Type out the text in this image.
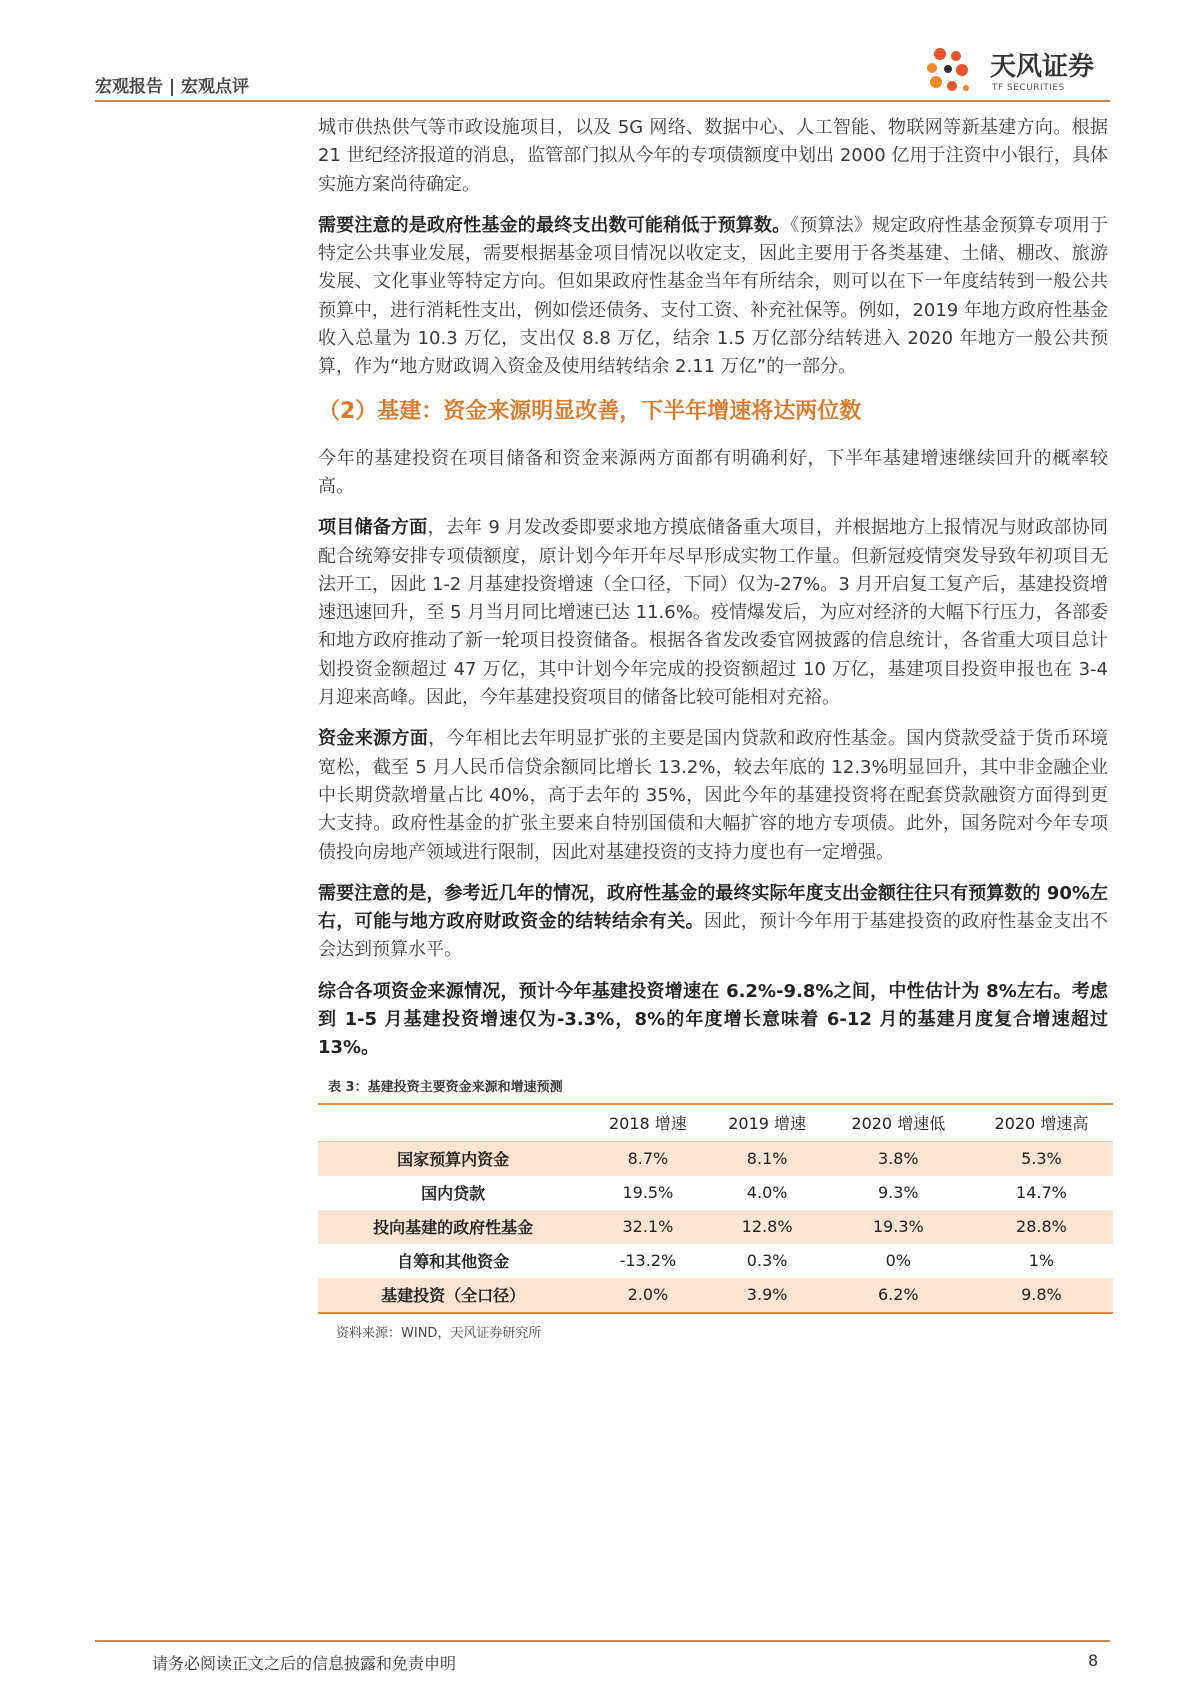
宏观报告 | 宏观点评
天风证券
TF SECURITIES

城市供热供气等市政设施项目，以及 5G 网络、数据中心、人工智能、物联网等新基建方向。根据 21 世纪经济报道的消息，监管部门拟从今年的专项债额度中划出 2000 亿用于注资中小银行，具体实施方案尚待确定。

需要注意的是政府性基金的最终支出数可能稍低于预算数。《预算法》规定政府性基金预算专项用于特定公共事业发展，需要根据基金项目情况以收定支，因此主要用于各类基建、土储、棚改、旅游发展、文化事业等特定方向。但如果政府性基金当年有所结余，则可以在下一年度结转到一般公共预算中，进行消耗性支出，例如偿还债务、支付工资、补充社保等。例如，2019 年地方政府性基金收入总量为 10.3 万亿，支出仅 8.8 万亿，结余 1.5 万亿部分结转进入 2020 年地方一般公共预算，作为“地方财政调入资金及使用结转结余 2.11 万亿”的一部分。

（2）基建：资金来源明显改善，下半年增速将达两位数

今年的基建投资在项目储备和资金来源两方面都有明确利好，下半年基建增速继续回升的概率较高。

项目储备方面，去年 9 月发改委即要求地方摸底储备重大项目，并根据地方上报情况与财政部协同配合统筹安排专项债额度，原计划今年开年尽早形成实物工作量。但新冠疫情突发导致年初项目无法开工，因此 1-2 月基建投资增速（全口径，下同）仅为-27%。3 月开启复工复产后，基建投资增速迅速回升，至 5 月当月同比增速已达 11.6%。疫情爆发后，为应对经济的大幅下行压力，各部委和地方政府推动了新一轮项目投资储备。根据各省发改委官网披露的信息统计，各省重大项目总计划投资金额超过 47 万亿，其中计划今年完成的投资额超过 10 万亿，基建项目投资申报也在 3-4 月迎来高峰。因此，今年基建投资项目的储备比较可能相对充裕。

资金来源方面，今年相比去年明显扩张的主要是国内贷款和政府性基金。国内贷款受益于货币环境宽松，截至 5 月人民币信贷余额同比增长 13.2%，较去年底的 12.3%明显回升，其中非金融企业中长期贷款增量占比 40%，高于去年的 35%，因此今年的基建投资将在配套贷款融资方面得到更大支持。政府性基金的扩张主要来自特别国债和大幅扩容的地方专项债。此外，国务院对今年专项债投向房地产领域进行限制，因此对基建投资的支持力度也有一定增强。

需要注意的是，参考近几年的情况，政府性基金的最终实际年度支出金额往往只有预算数的 90%左右，可能与地方政府财政资金的结转结余有关。因此，预计今年用于基建投资的政府性基金支出不会达到预算水平。

综合各项资金来源情况，预计今年基建投资增速在 6.2%-9.8%之间，中性估计为 8%左右。考虑到 1-5 月基建投资增速仅为-3.3%，8%的年度增长意味着 6-12 月的基建月度复合增速超过 13%。

表 3：基建投资主要资金来源和增速预测
	2018 增速	2019 增速	2020 增速低	2020 增速高
国家预算内资金	8.7%	8.1%	3.8%	5.3%
国内贷款	19.5%	4.0%	9.3%	14.7%
投向基建的政府性基金	32.1%	12.8%	19.3%	28.8%
自筹和其他资金	-13.2%	0.3%	0%	1%
基建投资（全口径）	2.0%	3.9%	6.2%	9.8%
资料来源：WIND，天风证券研究所
请务必阅读正文之后的信息披露和免责申明	8
